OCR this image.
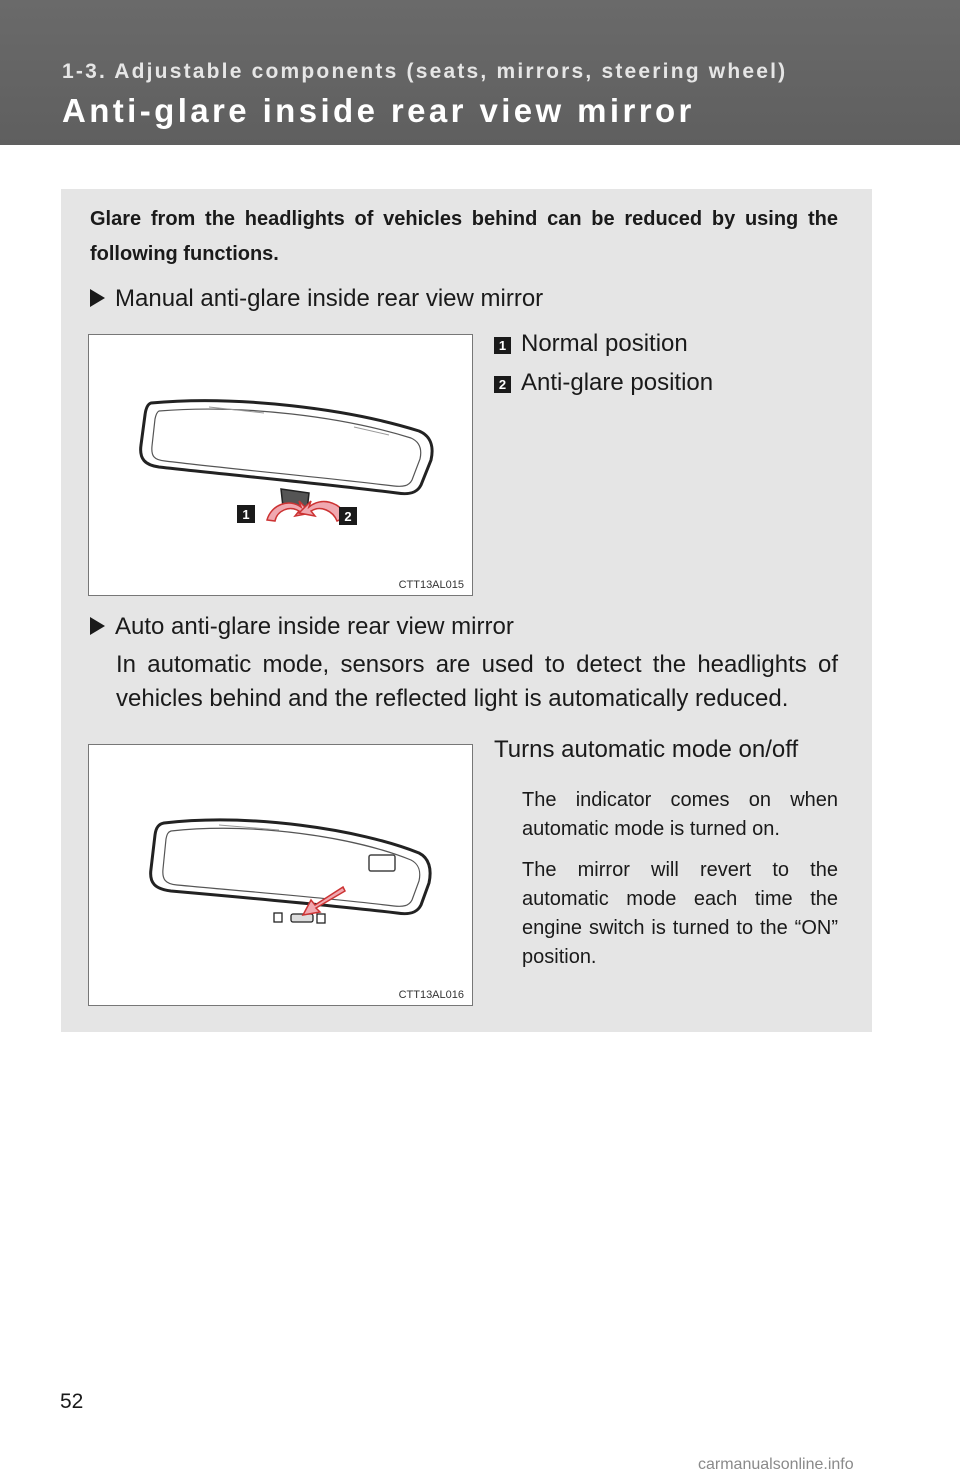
1-3. Adjustable components (seats, mirrors, steering wheel)
Anti-glare inside rear view mirror
Glare from the headlights of vehicles behind can be reduced by using the following functions.
Manual anti-glare inside rear view mirror
1	2
CTT13AL015
1 Normal position
2 Anti-glare position
Auto anti-glare inside rear view mirror
In automatic mode, sensors are used to detect the headlights of vehicles behind and the reflected light is automatically reduced.
CTT13AL016
Turns automatic mode on/off
The indicator comes on when automatic mode is turned on.
The mirror will revert to the automatic mode each time the engine switch is turned to the “ON” position.
52
carmanualsonline.info
